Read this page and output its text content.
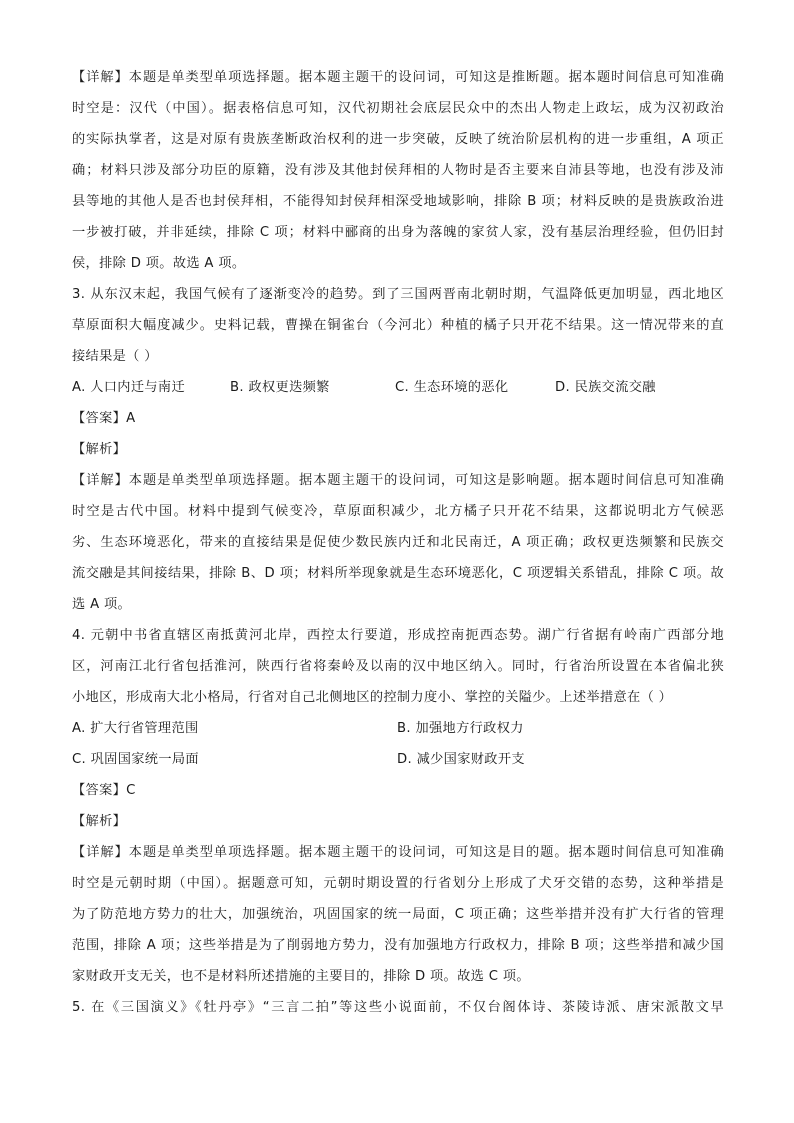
【详解】本题是单类型单项选择题。据本题主题干的设问词，可知这是推断题。据本题时间信息可知准确
时空是：汉代（中国）。据表格信息可知，汉代初期社会底层民众中的杰出人物走上政坛，成为汉初政治
的实际执掌者，这是对原有贵族垄断政治权利的进一步突破，反映了统治阶层机构的进一步重组，A 项正
确；材料只涉及部分功臣的原籍，没有涉及其他封侯拜相的人物时是否主要来自沛县等地，也没有涉及沛
县等地的其他人是否也封侯拜相，不能得知封侯拜相深受地域影响，排除 B 项；材料反映的是贵族政治进
一步被打破，并非延续，排除 C 项；材料中郦商的出身为落魄的家贫人家，没有基层治理经验，但仍旧封
侯，排除 D 项。故选 A 项。
3. 从东汉末起，我国气候有了逐渐变冷的趋势。到了三国两晋南北朝时期，气温降低更加明显，西北地区
草原面积大幅度减少。史料记载，曹操在铜雀台（今河北）种植的橘子只开花不结果。这一情况带来的直
接结果是（ ）
A. 人口内迁与南迁	B. 政权更迭频繁	C. 生态环境的恶化	D. 民族交流交融
【答案】A
【解析】
【详解】本题是单类型单项选择题。据本题主题干的设问词，可知这是影响题。据本题时间信息可知准确
时空是古代中国。材料中提到气候变冷，草原面积减少，北方橘子只开花不结果，这都说明北方气候恶
劣、生态环境恶化，带来的直接结果是促使少数民族内迁和北民南迁，A 项正确；政权更迭频繁和民族交
流交融是其间接结果，排除 B、D 项；材料所举现象就是生态环境恶化，C 项逻辑关系错乱，排除 C 项。故
选 A 项。
4. 元朝中书省直辖区南抵黄河北岸，西控太行要道，形成控南扼西态势。湖广行省据有岭南广西部分地
区，河南江北行省包括淮河，陕西行省将秦岭及以南的汉中地区纳入。同时，行省治所设置在本省偏北狭
小地区，形成南大北小格局，行省对自己北侧地区的控制力度小、掌控的关隘少。上述举措意在（ ）
A. 扩大行省管理范围	B. 加强地方行政权力
C. 巩固国家统一局面	D. 减少国家财政开支
【答案】C
【解析】
【详解】本题是单类型单项选择题。据本题主题干的设问词，可知这是目的题。据本题时间信息可知准确
时空是元朝时期（中国）。据题意可知，元朝时期设置的行省划分上形成了犬牙交错的态势，这种举措是
为了防范地方势力的壮大，加强统治，巩固国家的统一局面，C 项正确；这些举措并没有扩大行省的管理
范围，排除 A 项；这些举措是为了削弱地方势力，没有加强地方行政权力，排除 B 项；这些举措和减少国
家财政开支无关，也不是材料所述措施的主要目的，排除 D 项。故选 C 项。
5. 在《三国演义》《牡丹亭》“三言二拍”等这些小说面前，不仅台阁体诗、茶陵诗派、唐宋派散文早
